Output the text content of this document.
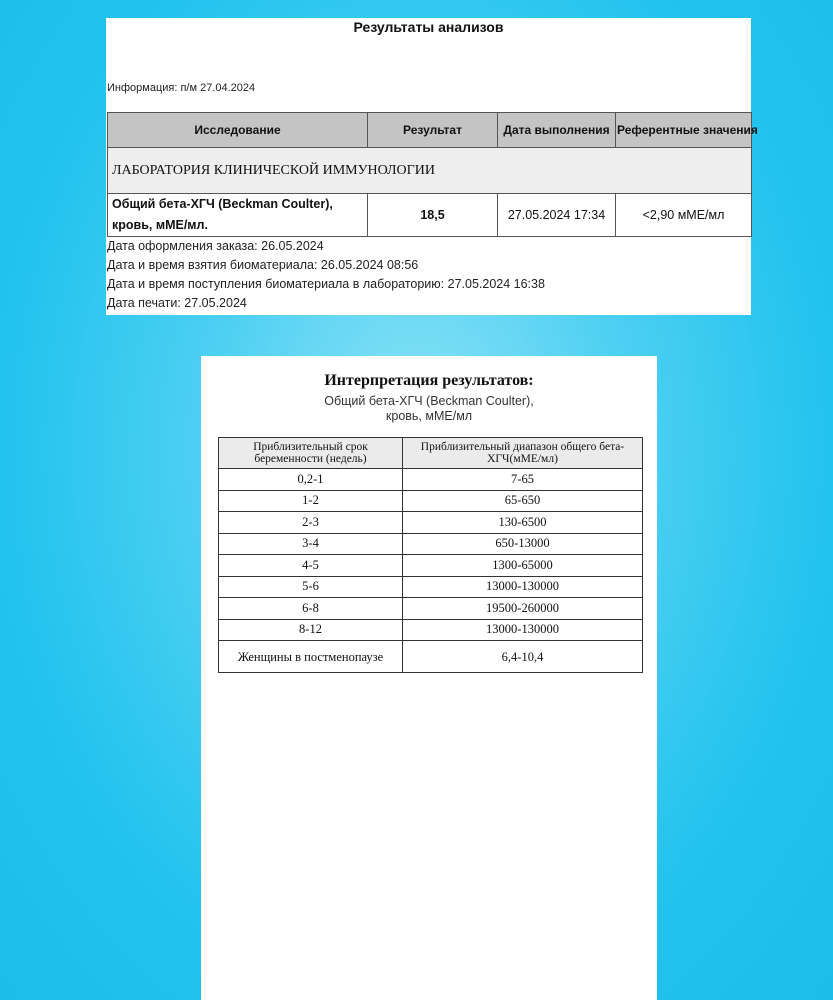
Результаты анализов
Информация: п/м 27.04.2024
Исследование	Результат	Дата выполнения	Референтные значения
ЛАБОРАТОРИЯ КЛИНИЧЕСКОЙ ИММУНОЛОГИИ			

Общий бета-ХГЧ (Beckman Coulter),
кровь, мМЕ/мл.	18,5	27.05.2024 17:34	<2,90 мМЕ/мл
Дата оформления заказа: 26.05.2024
Дата и время взятия биоматериала: 26.05.2024 08:56
Дата и время поступления биоматериала в лабораторию: 27.05.2024 16:38
Дата печати: 27.05.2024
Интерпретация результатов:
Общий бета-ХГЧ (Beckman Coulter),
кровь, мМЕ/мл
Приблизительный срок беременности (недель)	Приблизительный диапазон общего бета-ХГЧ(мМЕ/мл)
0,2-1	7-65
1-2	65-650
2-3	130-6500
3-4	650-13000
4-5	1300-65000
5-6	13000-130000
6-8	19500-260000
8-12	13000-130000
Женщины в постменопаузе	6,4-10,4
